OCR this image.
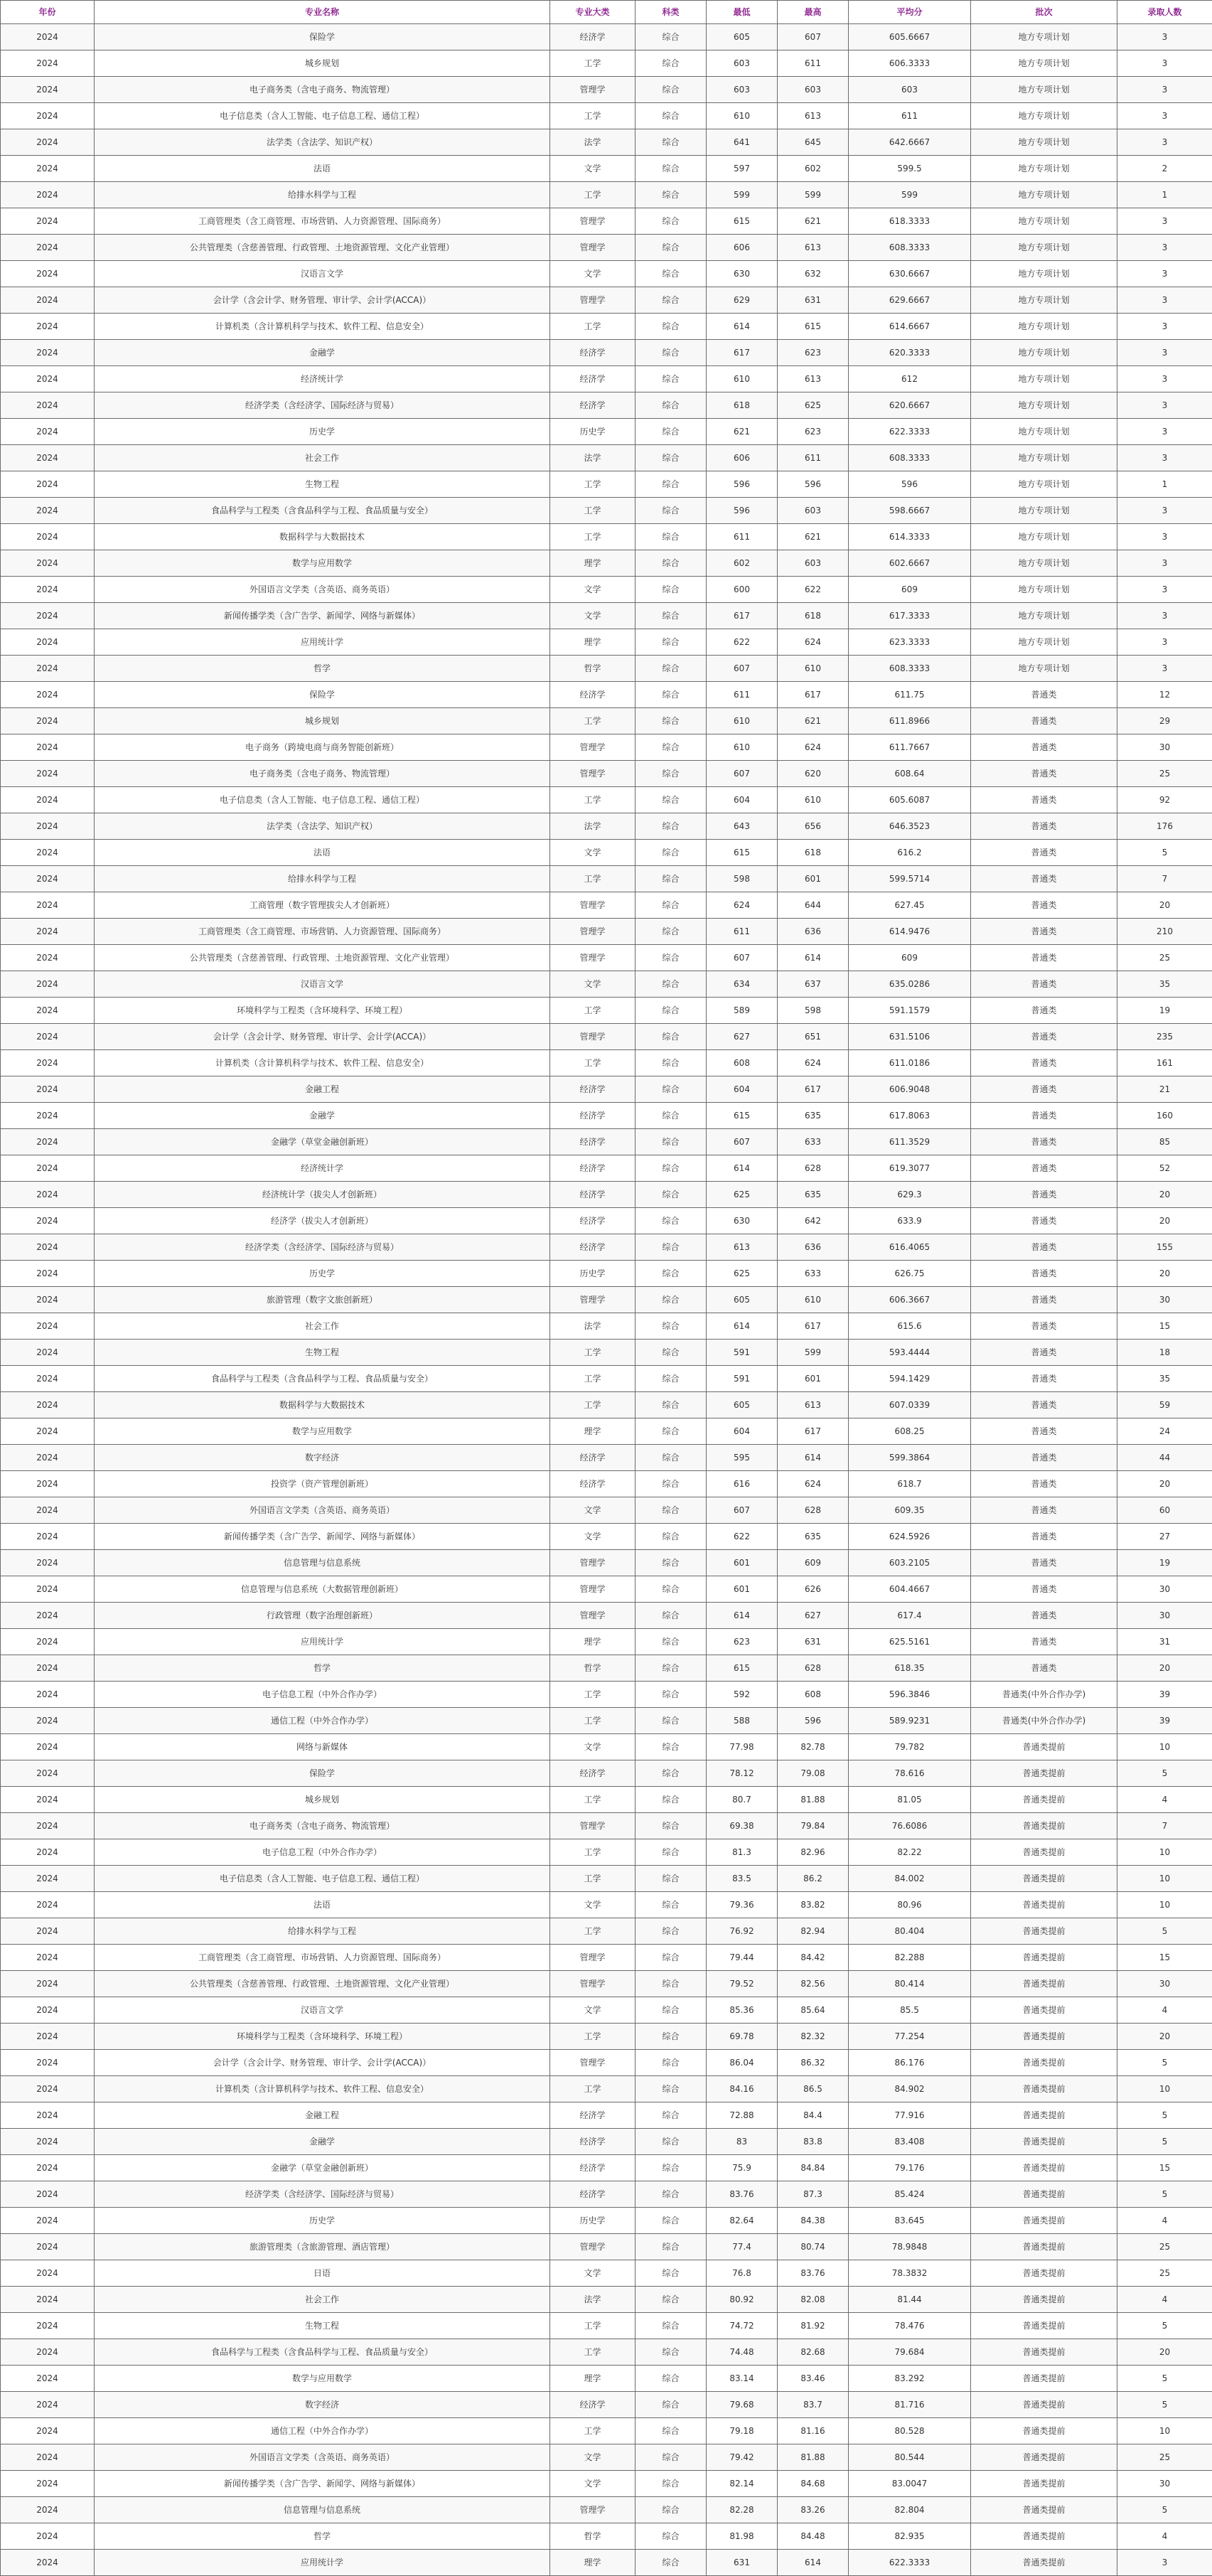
年份	专业名称	专业大类	科类	最低	最高	平均分	批次	录取人数
2024	保险学	经济学	综合	605	607	605.6667	地方专项计划	3
2024	城乡规划	工学	综合	603	611	606.3333	地方专项计划	3
2024	电子商务类（含电子商务、物流管理）	管理学	综合	603	603	603	地方专项计划	3
2024	电子信息类（含人工智能、电子信息工程、通信工程）	工学	综合	610	613	611	地方专项计划	3
2024	法学类（含法学、知识产权）	法学	综合	641	645	642.6667	地方专项计划	3
2024	法语	文学	综合	597	602	599.5	地方专项计划	2
2024	给排水科学与工程	工学	综合	599	599	599	地方专项计划	1
2024	工商管理类（含工商管理、市场营销、人力资源管理、国际商务）	管理学	综合	615	621	618.3333	地方专项计划	3
2024	公共管理类（含慈善管理、行政管理、土地资源管理、文化产业管理）	管理学	综合	606	613	608.3333	地方专项计划	3
2024	汉语言文学	文学	综合	630	632	630.6667	地方专项计划	3
2024	会计学（含会计学、财务管理、审计学、会计学(ACCA)）	管理学	综合	629	631	629.6667	地方专项计划	3
2024	计算机类（含计算机科学与技术、软件工程、信息安全）	工学	综合	614	615	614.6667	地方专项计划	3
2024	金融学	经济学	综合	617	623	620.3333	地方专项计划	3
2024	经济统计学	经济学	综合	610	613	612	地方专项计划	3
2024	经济学类（含经济学、国际经济与贸易）	经济学	综合	618	625	620.6667	地方专项计划	3
2024	历史学	历史学	综合	621	623	622.3333	地方专项计划	3
2024	社会工作	法学	综合	606	611	608.3333	地方专项计划	3
2024	生物工程	工学	综合	596	596	596	地方专项计划	1
2024	食品科学与工程类（含食品科学与工程、食品质量与安全）	工学	综合	596	603	598.6667	地方专项计划	3
2024	数据科学与大数据技术	工学	综合	611	621	614.3333	地方专项计划	3
2024	数学与应用数学	理学	综合	602	603	602.6667	地方专项计划	3
2024	外国语言文学类（含英语、商务英语）	文学	综合	600	622	609	地方专项计划	3
2024	新闻传播学类（含广告学、新闻学、网络与新媒体）	文学	综合	617	618	617.3333	地方专项计划	3
2024	应用统计学	理学	综合	622	624	623.3333	地方专项计划	3
2024	哲学	哲学	综合	607	610	608.3333	地方专项计划	3
2024	保险学	经济学	综合	611	617	611.75	普通类	12
2024	城乡规划	工学	综合	610	621	611.8966	普通类	29
2024	电子商务（跨境电商与商务智能创新班）	管理学	综合	610	624	611.7667	普通类	30
2024	电子商务类（含电子商务、物流管理）	管理学	综合	607	620	608.64	普通类	25
2024	电子信息类（含人工智能、电子信息工程、通信工程）	工学	综合	604	610	605.6087	普通类	92
2024	法学类（含法学、知识产权）	法学	综合	643	656	646.3523	普通类	176
2024	法语	文学	综合	615	618	616.2	普通类	5
2024	给排水科学与工程	工学	综合	598	601	599.5714	普通类	7
2024	工商管理（数字管理拔尖人才创新班）	管理学	综合	624	644	627.45	普通类	20
2024	工商管理类（含工商管理、市场营销、人力资源管理、国际商务）	管理学	综合	611	636	614.9476	普通类	210
2024	公共管理类（含慈善管理、行政管理、土地资源管理、文化产业管理）	管理学	综合	607	614	609	普通类	25
2024	汉语言文学	文学	综合	634	637	635.0286	普通类	35
2024	环境科学与工程类（含环境科学、环境工程）	工学	综合	589	598	591.1579	普通类	19
2024	会计学（含会计学、财务管理、审计学、会计学(ACCA)）	管理学	综合	627	651	631.5106	普通类	235
2024	计算机类（含计算机科学与技术、软件工程、信息安全）	工学	综合	608	624	611.0186	普通类	161
2024	金融工程	经济学	综合	604	617	606.9048	普通类	21
2024	金融学	经济学	综合	615	635	617.8063	普通类	160
2024	金融学（草堂金融创新班）	经济学	综合	607	633	611.3529	普通类	85
2024	经济统计学	经济学	综合	614	628	619.3077	普通类	52
2024	经济统计学（拔尖人才创新班）	经济学	综合	625	635	629.3	普通类	20
2024	经济学（拔尖人才创新班）	经济学	综合	630	642	633.9	普通类	20
2024	经济学类（含经济学、国际经济与贸易）	经济学	综合	613	636	616.4065	普通类	155
2024	历史学	历史学	综合	625	633	626.75	普通类	20
2024	旅游管理（数字文旅创新班）	管理学	综合	605	610	606.3667	普通类	30
2024	社会工作	法学	综合	614	617	615.6	普通类	15
2024	生物工程	工学	综合	591	599	593.4444	普通类	18
2024	食品科学与工程类（含食品科学与工程、食品质量与安全）	工学	综合	591	601	594.1429	普通类	35
2024	数据科学与大数据技术	工学	综合	605	613	607.0339	普通类	59
2024	数学与应用数学	理学	综合	604	617	608.25	普通类	24
2024	数字经济	经济学	综合	595	614	599.3864	普通类	44
2024	投资学（资产管理创新班）	经济学	综合	616	624	618.7	普通类	20
2024	外国语言文学类（含英语、商务英语）	文学	综合	607	628	609.35	普通类	60
2024	新闻传播学类（含广告学、新闻学、网络与新媒体）	文学	综合	622	635	624.5926	普通类	27
2024	信息管理与信息系统	管理学	综合	601	609	603.2105	普通类	19
2024	信息管理与信息系统（大数据管理创新班）	管理学	综合	601	626	604.4667	普通类	30
2024	行政管理（数字治理创新班）	管理学	综合	614	627	617.4	普通类	30
2024	应用统计学	理学	综合	623	631	625.5161	普通类	31
2024	哲学	哲学	综合	615	628	618.35	普通类	20
2024	电子信息工程（中外合作办学）	工学	综合	592	608	596.3846	普通类(中外合作办学)	39
2024	通信工程（中外合作办学）	工学	综合	588	596	589.9231	普通类(中外合作办学)	39
2024	网络与新媒体	文学	综合	77.98	82.78	79.782	普通类提前	10
2024	保险学	经济学	综合	78.12	79.08	78.616	普通类提前	5
2024	城乡规划	工学	综合	80.7	81.88	81.05	普通类提前	4
2024	电子商务类（含电子商务、物流管理）	管理学	综合	69.38	79.84	76.6086	普通类提前	7
2024	电子信息工程（中外合作办学）	工学	综合	81.3	82.96	82.22	普通类提前	10
2024	电子信息类（含人工智能、电子信息工程、通信工程）	工学	综合	83.5	86.2	84.002	普通类提前	10
2024	法语	文学	综合	79.36	83.82	80.96	普通类提前	10
2024	给排水科学与工程	工学	综合	76.92	82.94	80.404	普通类提前	5
2024	工商管理类（含工商管理、市场营销、人力资源管理、国际商务）	管理学	综合	79.44	84.42	82.288	普通类提前	15
2024	公共管理类（含慈善管理、行政管理、土地资源管理、文化产业管理）	管理学	综合	79.52	82.56	80.414	普通类提前	30
2024	汉语言文学	文学	综合	85.36	85.64	85.5	普通类提前	4
2024	环境科学与工程类（含环境科学、环境工程）	工学	综合	69.78	82.32	77.254	普通类提前	20
2024	会计学（含会计学、财务管理、审计学、会计学(ACCA)）	管理学	综合	86.04	86.32	86.176	普通类提前	5
2024	计算机类（含计算机科学与技术、软件工程、信息安全）	工学	综合	84.16	86.5	84.902	普通类提前	10
2024	金融工程	经济学	综合	72.88	84.4	77.916	普通类提前	5
2024	金融学	经济学	综合	83	83.8	83.408	普通类提前	5
2024	金融学（草堂金融创新班）	经济学	综合	75.9	84.84	79.176	普通类提前	15
2024	经济学类（含经济学、国际经济与贸易）	经济学	综合	83.76	87.3	85.424	普通类提前	5
2024	历史学	历史学	综合	82.64	84.38	83.645	普通类提前	4
2024	旅游管理类（含旅游管理、酒店管理）	管理学	综合	77.4	80.74	78.9848	普通类提前	25
2024	日语	文学	综合	76.8	83.76	78.3832	普通类提前	25
2024	社会工作	法学	综合	80.92	82.08	81.44	普通类提前	4
2024	生物工程	工学	综合	74.72	81.92	78.476	普通类提前	5
2024	食品科学与工程类（含食品科学与工程、食品质量与安全）	工学	综合	74.48	82.68	79.684	普通类提前	20
2024	数学与应用数学	理学	综合	83.14	83.46	83.292	普通类提前	5
2024	数字经济	经济学	综合	79.68	83.7	81.716	普通类提前	5
2024	通信工程（中外合作办学）	工学	综合	79.18	81.16	80.528	普通类提前	10
2024	外国语言文学类（含英语、商务英语）	文学	综合	79.42	81.88	80.544	普通类提前	25
2024	新闻传播学类（含广告学、新闻学、网络与新媒体）	文学	综合	82.14	84.68	83.0047	普通类提前	30
2024	信息管理与信息系统	管理学	综合	82.28	83.26	82.804	普通类提前	5
2024	哲学	哲学	综合	81.98	84.48	82.935	普通类提前	4
2024	应用统计学	理学	综合	631	614	622.3333	普通类提前	3
